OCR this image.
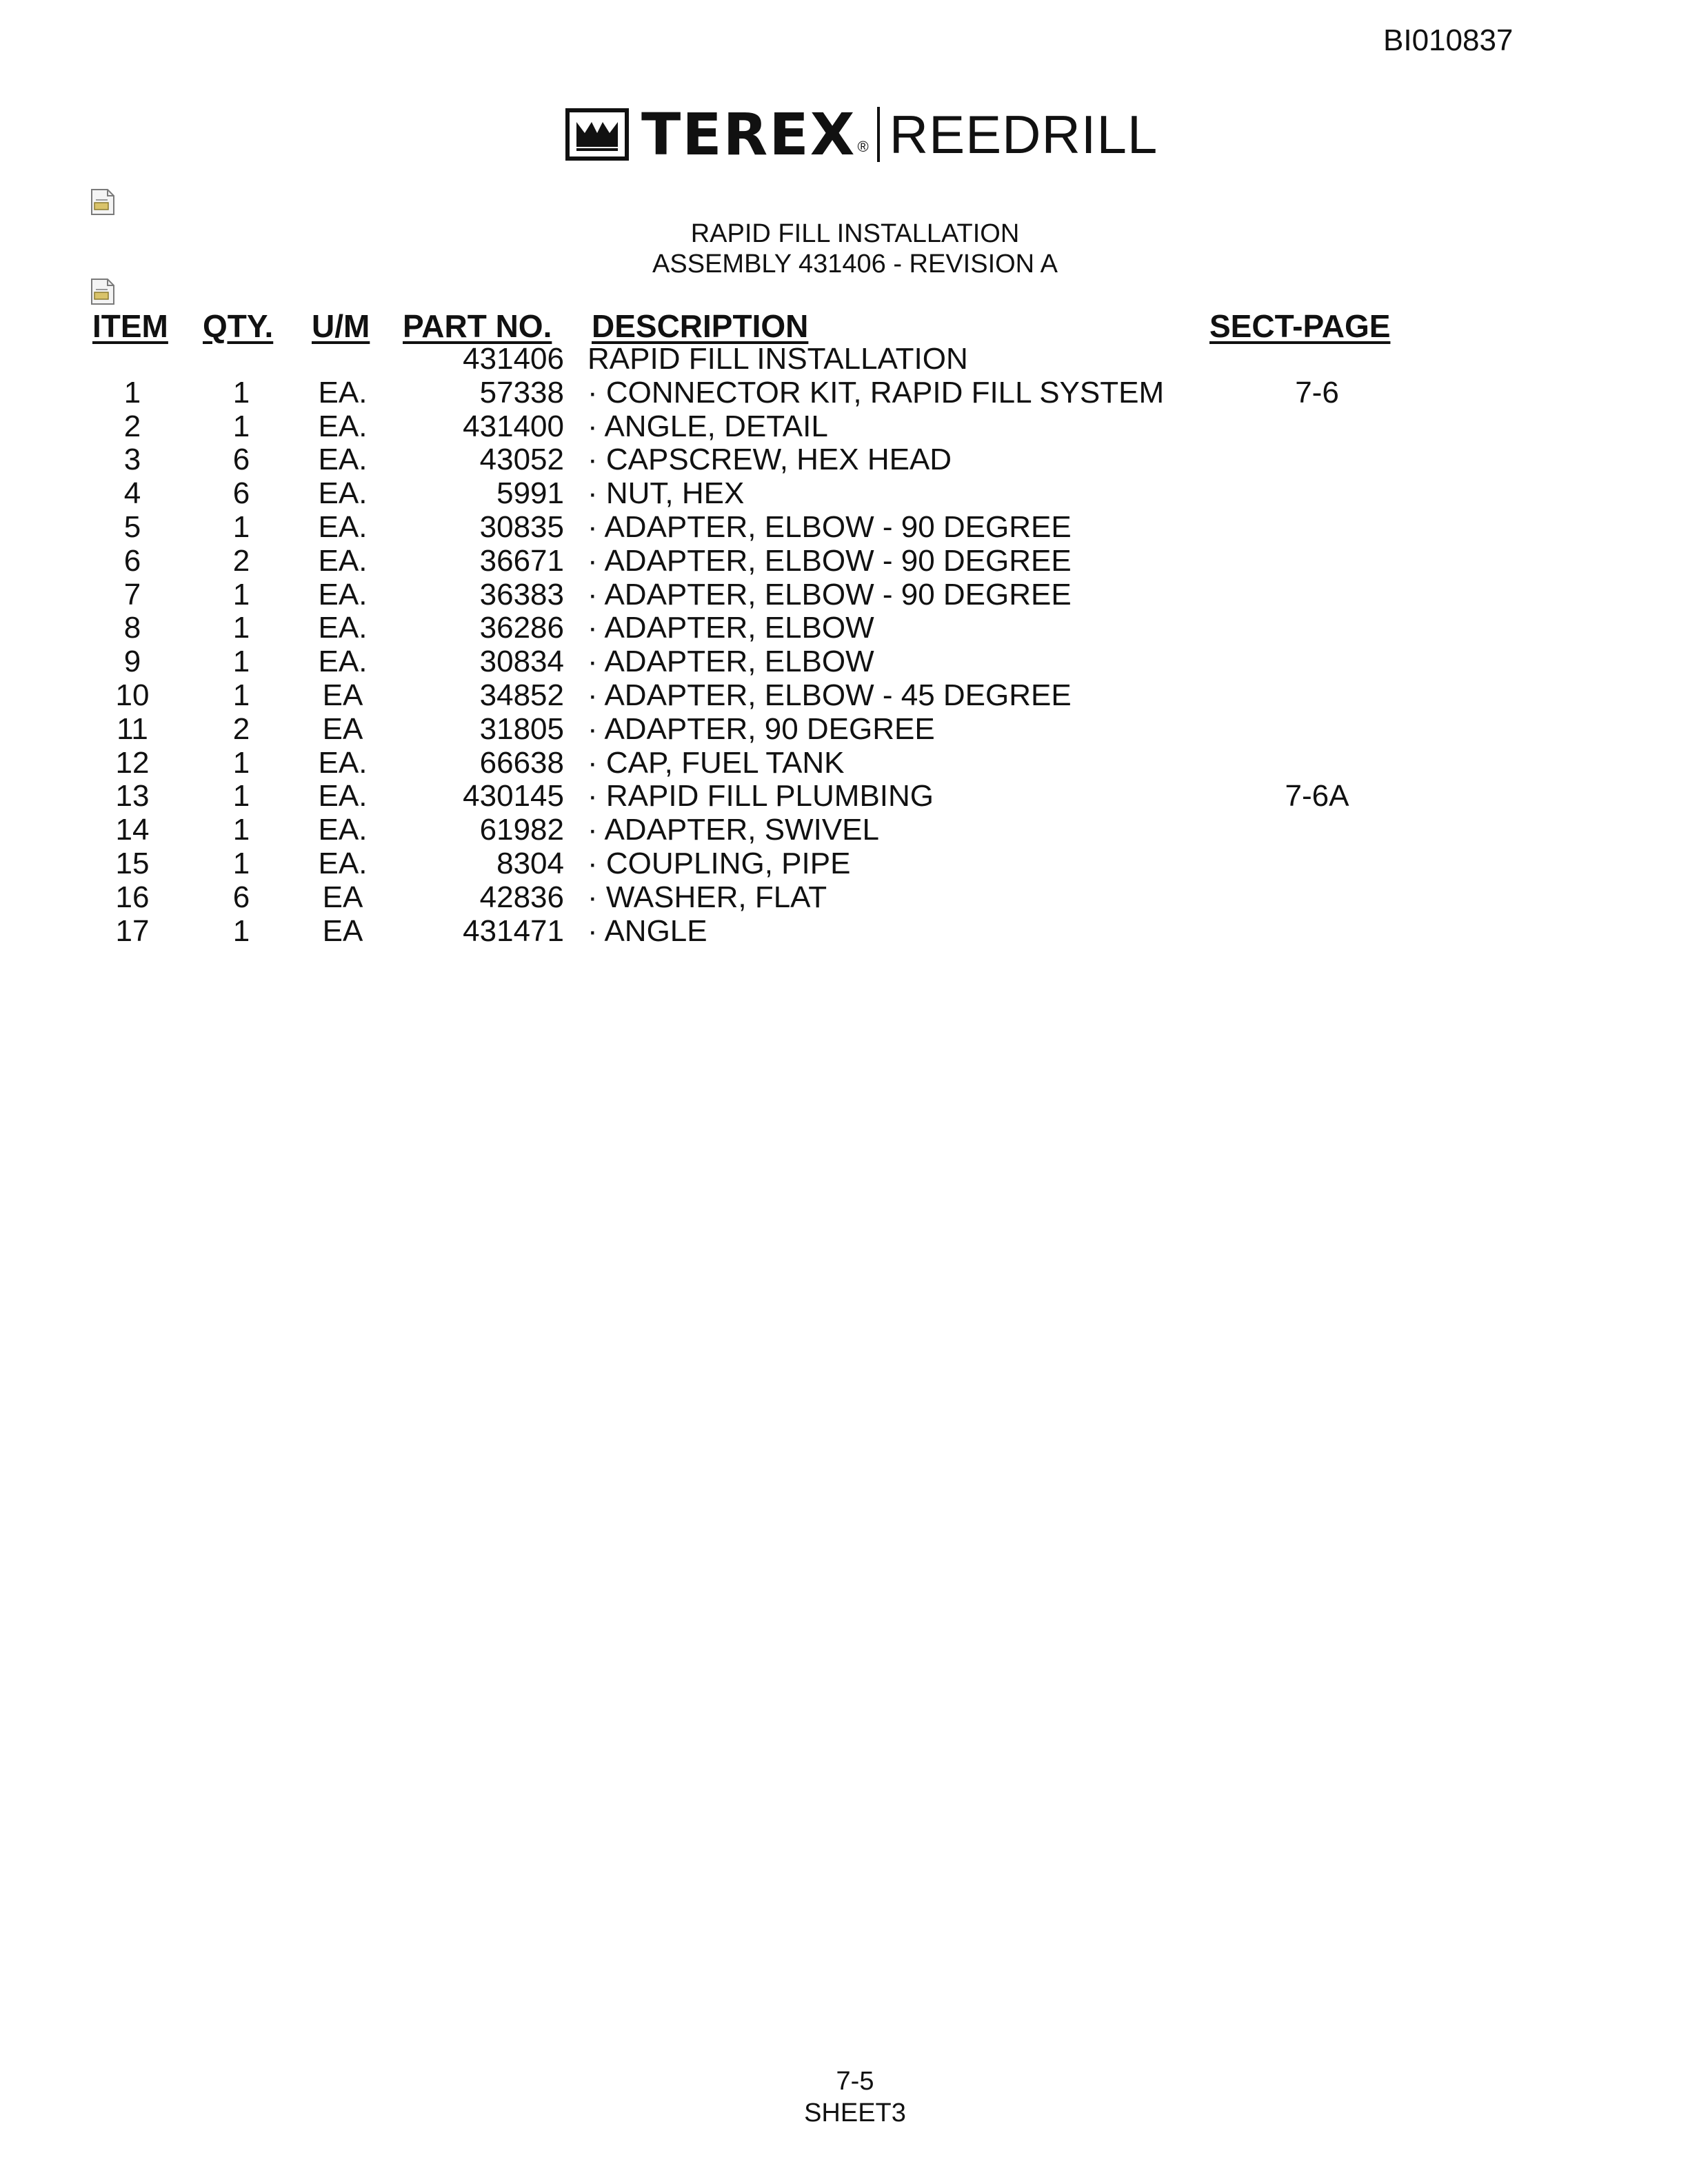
BI010837
TEREX ® REEDRILL
RAPID FILL INSTALLATION
ASSEMBLY 431406 - REVISION A
ITEM QTY. U/M PART NO. DESCRIPTION	SECT-PAGE
431406 RAPID FILL INSTALLATION
1	1	EA.	57338 · CONNECTOR KIT, RAPID FILL SYSTEM	7-6
2	1	EA.	431400 · ANGLE, DETAIL
3	6	EA.	43052 · CAPSCREW, HEX HEAD
4	6	EA.	5991 · NUT, HEX
5	1	EA.	30835 · ADAPTER, ELBOW - 90 DEGREE
6	2	EA.	36671 · ADAPTER, ELBOW - 90 DEGREE
7	1	EA.	36383 · ADAPTER, ELBOW - 90 DEGREE
8	1	EA.	36286 · ADAPTER, ELBOW
9	1	EA.	30834 · ADAPTER, ELBOW
10	1	EA	34852 · ADAPTER, ELBOW - 45 DEGREE
11	2	EA	31805 · ADAPTER, 90 DEGREE
12	1	EA.	66638 · CAP, FUEL TANK
13	1	EA.	430145 · RAPID FILL PLUMBING	7-6A
14	1	EA.	61982 · ADAPTER, SWIVEL
15	1	EA.	8304 · COUPLING, PIPE
16	6	EA	42836 · WASHER, FLAT
17	1	EA	431471 · ANGLE
7-5
SHEET3
